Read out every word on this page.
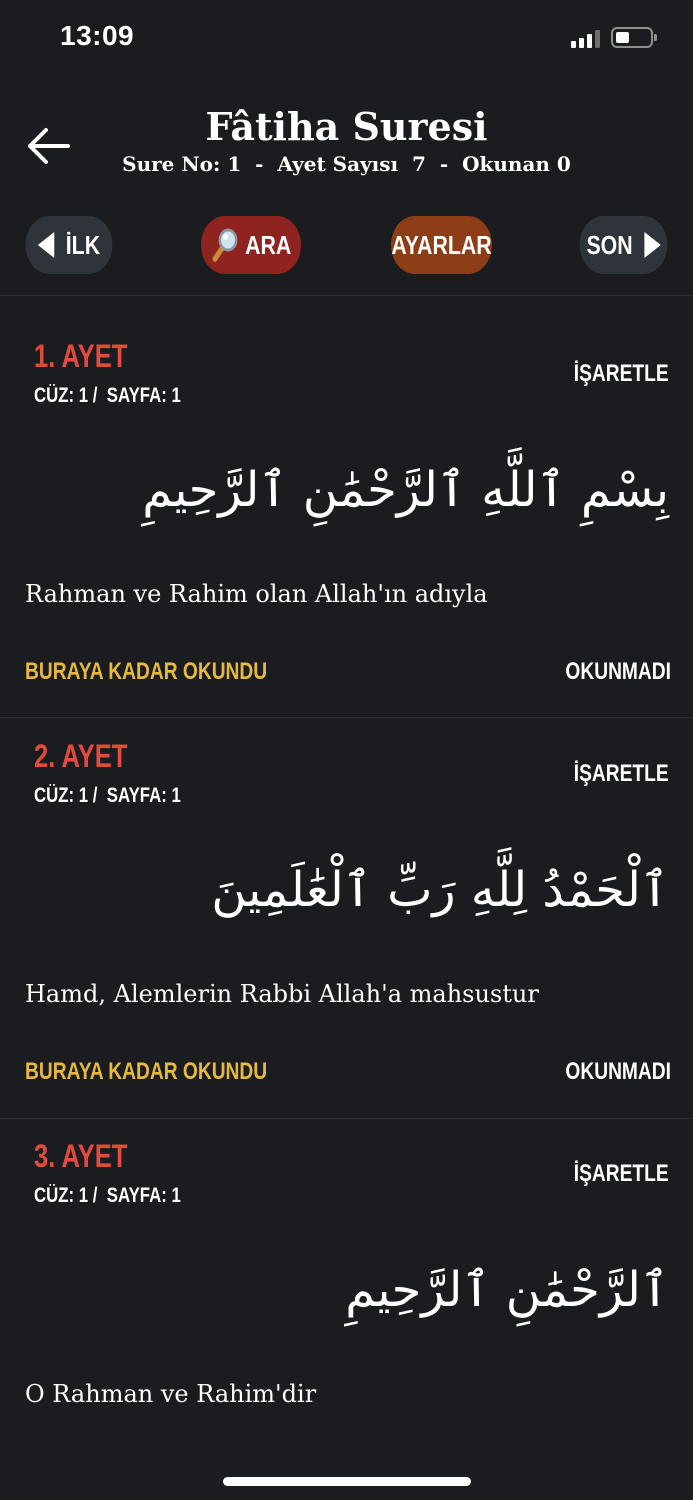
13:09
Fâtiha Suresi
Sure No: 1  -  Ayet Sayısı  7  -  Okunan 0
İLK	ARA	AYARLAR	SON
1. AYET
CÜZ: 1 /  SAYFA: 1
İŞARETLE
بِسْمِ ٱللَّهِ ٱلرَّحْمَٰنِ ٱلرَّحِيمِ
Rahman ve Rahim olan Allah'ın adıyla
BURAYA KADAR OKUNDU	OKUNMADI
2. AYET
CÜZ: 1 /  SAYFA: 1
İŞARETLE
ٱلْحَمْدُ لِلَّهِ رَبِّ ٱلْعَٰلَمِينَ
Hamd, Alemlerin Rabbi Allah'a mahsustur
BURAYA KADAR OKUNDU	OKUNMADI
3. AYET
CÜZ: 1 /  SAYFA: 1
İŞARETLE
ٱلرَّحْمَٰنِ ٱلرَّحِيمِ
O Rahman ve Rahim'dir
